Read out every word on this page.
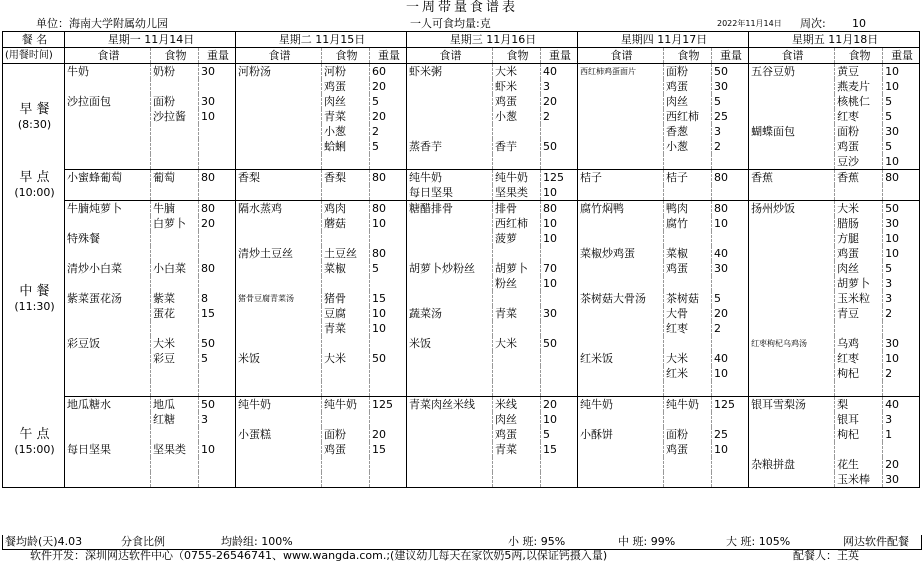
一周带量食谱表
单位：海南大学附属幼儿园	一人可食均量:克	2022年11月14日 周次: 10
餐 名	星期一 11月14日			星期二 11月15日			星期三 11月16日			星期四 11月17日			星期五 11月18日		
(用餐时间)	食谱	食物	重量	食谱	食物	重量	食谱	食物	重量	食谱	食物	重量	食谱	食物	重量

早 餐
(8:30)	牛奶	奶粉	30	河粉汤	河粉	60	虾米粥	大米	40	西红柿鸡蛋面片	面粉	50	五谷豆奶	黄豆	10
					鸡蛋	20		虾米	3		鸡蛋	30		燕麦片	10
	沙拉面包	面粉	30		肉丝	5		鸡蛋	20		肉丝	5		核桃仁	5
		沙拉酱	10		青菜	20		小葱	2		西红柿	25		红枣	5
					小葱	2					香葱	3	蝴蝶面包	面粉	30
					蛤蜊	5	蒸香芋	香芋	50		小葱	2		鸡蛋	5
														豆沙	10

早 点
(10:00)	小蜜蜂葡萄	葡萄	80	香梨	香梨	80	纯牛奶	纯牛奶	125	桔子	桔子	80	香蕉	香蕉	80
							每日坚果	坚果类	10						

中 餐
(11:30)	牛腩炖萝卜	牛腩	80	隔水蒸鸡	鸡肉	80	糖醋排骨	排骨	80	腐竹焖鸭	鸭肉	80	扬州炒饭	大米	50
		白萝卜	20		蘑菇	10		西红柿	10		腐竹	10		腊肠	30
	特殊餐							菠萝	10					方腿	10
				清炒土豆丝	土豆丝	80				菜椒炒鸡蛋	菜椒	40		鸡蛋	10
	清炒小白菜	小白菜	80		菜椒	5	胡萝卜炒粉丝	胡萝卜	70		鸡蛋	30		肉丝	5
								粉丝	10					胡萝卜	3
	紫菜蛋花汤	紫菜	8	猪骨豆腐青菜汤	猪骨	15				茶树菇大骨汤	茶树菇	5		玉米粒	3
		蛋花	15		豆腐	10	蔬菜汤	青菜	30		大骨	20		青豆	2
					青菜	10					红枣	2			
	彩豆饭	大米	50				米饭	大米	50				红枣枸杞乌鸡汤	乌鸡	30
		彩豆	5	米饭	大米	50				红米饭	大米	40		红枣	10
											红米	10		枸杞	2

午 点
(15:00)	地瓜糖水	地瓜	50	纯牛奶	纯牛奶	125	青菜肉丝米线	米线	20	纯牛奶	纯牛奶	125	银耳雪梨汤	梨	40
		红糖	3					肉丝	10					银耳	3
				小蛋糕	面粉	20		鸡蛋	5	小酥饼	面粉	25		枸杞	1
	每日坚果	坚果类	10		鸡蛋	15		青菜	15		鸡蛋	10			
													杂粮拼盘	花生	20
														玉米棒	30
餐均龄(天)4.03	分食比例	均龄组: 100%	小 班: 95%	中 班: 99%	大 班: 105%	网达软件配餐
软件开发：深圳网达软件中心（0755-26546741、www.wangda.com.;(建议幼儿每天在家饮奶5两,以保证钙摄入量)	配餐人：王英
